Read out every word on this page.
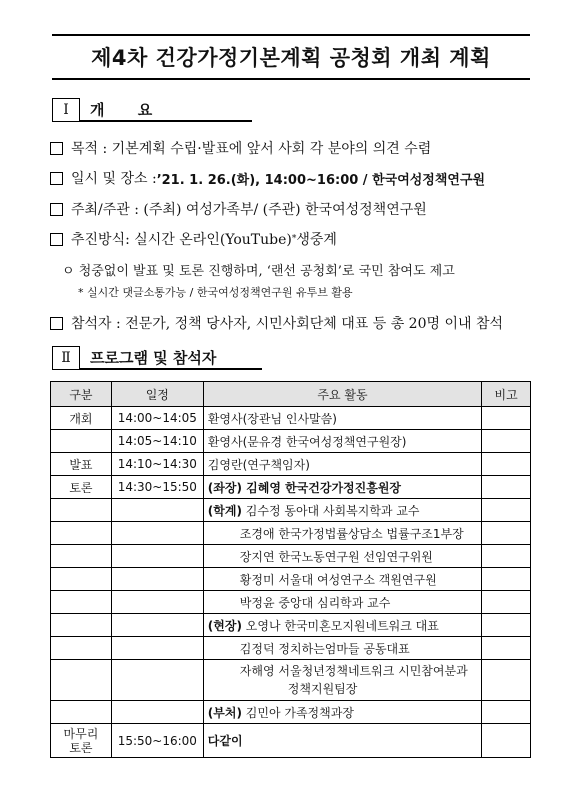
제4차 건강가정기본계획 공청회 개최 계획
Ⅰ	개 요
목적 : 기본계획 수립·발표에 앞서 사회 각 분야의 의견 수렴
일시 및 장소 : ’21. 1. 26.(화), 14:00~16:00 / 한국여성정책연구원
주최/주관 : (주최) 여성가족부/ (주관) 한국여성정책연구원
추진방식: 실시간 온라인(YouTube) * 생중계
ㅇ 청중없이 발표 및 토론 진행하며, ‘랜선 공청회’로 국민 참여도 제고
* 실시간 댓글소통가능 / 한국여성정책연구원 유투브 활용
참석자 : 전문가, 정책 당사자, 시민사회단체 대표 등 총 20명 이내 참석
Ⅱ	프로그램 및 참석자
구분	일정	주요 활동	비고
개회	14:00~14:05	환영사(장관님 인사말씀)	
	14:05~14:10	환영사(문유경 한국여성정책연구원장)	
발표	14:10~14:30	김영란(연구책임자)	
토론	14:30~15:50	(좌장) 김혜영 한국건강가정진흥원장	
		(학계) 김수정 동아대 사회복지학과 교수	
		조경애 한국가정법률상담소 법률구조1부장	
		장지연 한국노동연구원 선임연구위원	
		황정미 서울대 여성연구소 객원연구원	
		박정윤 중앙대 심리학과 교수	
		(현장) 오영나 한국미혼모지원네트워크 대표	
		김정덕 정치하는엄마들 공동대표	

		자해영 서울청년정책네트워크 시민참여분과
정책지원팀장	

		(부처) 김민아 가족정책과장	
마무리 토론	15:50~16:00	다같이	
